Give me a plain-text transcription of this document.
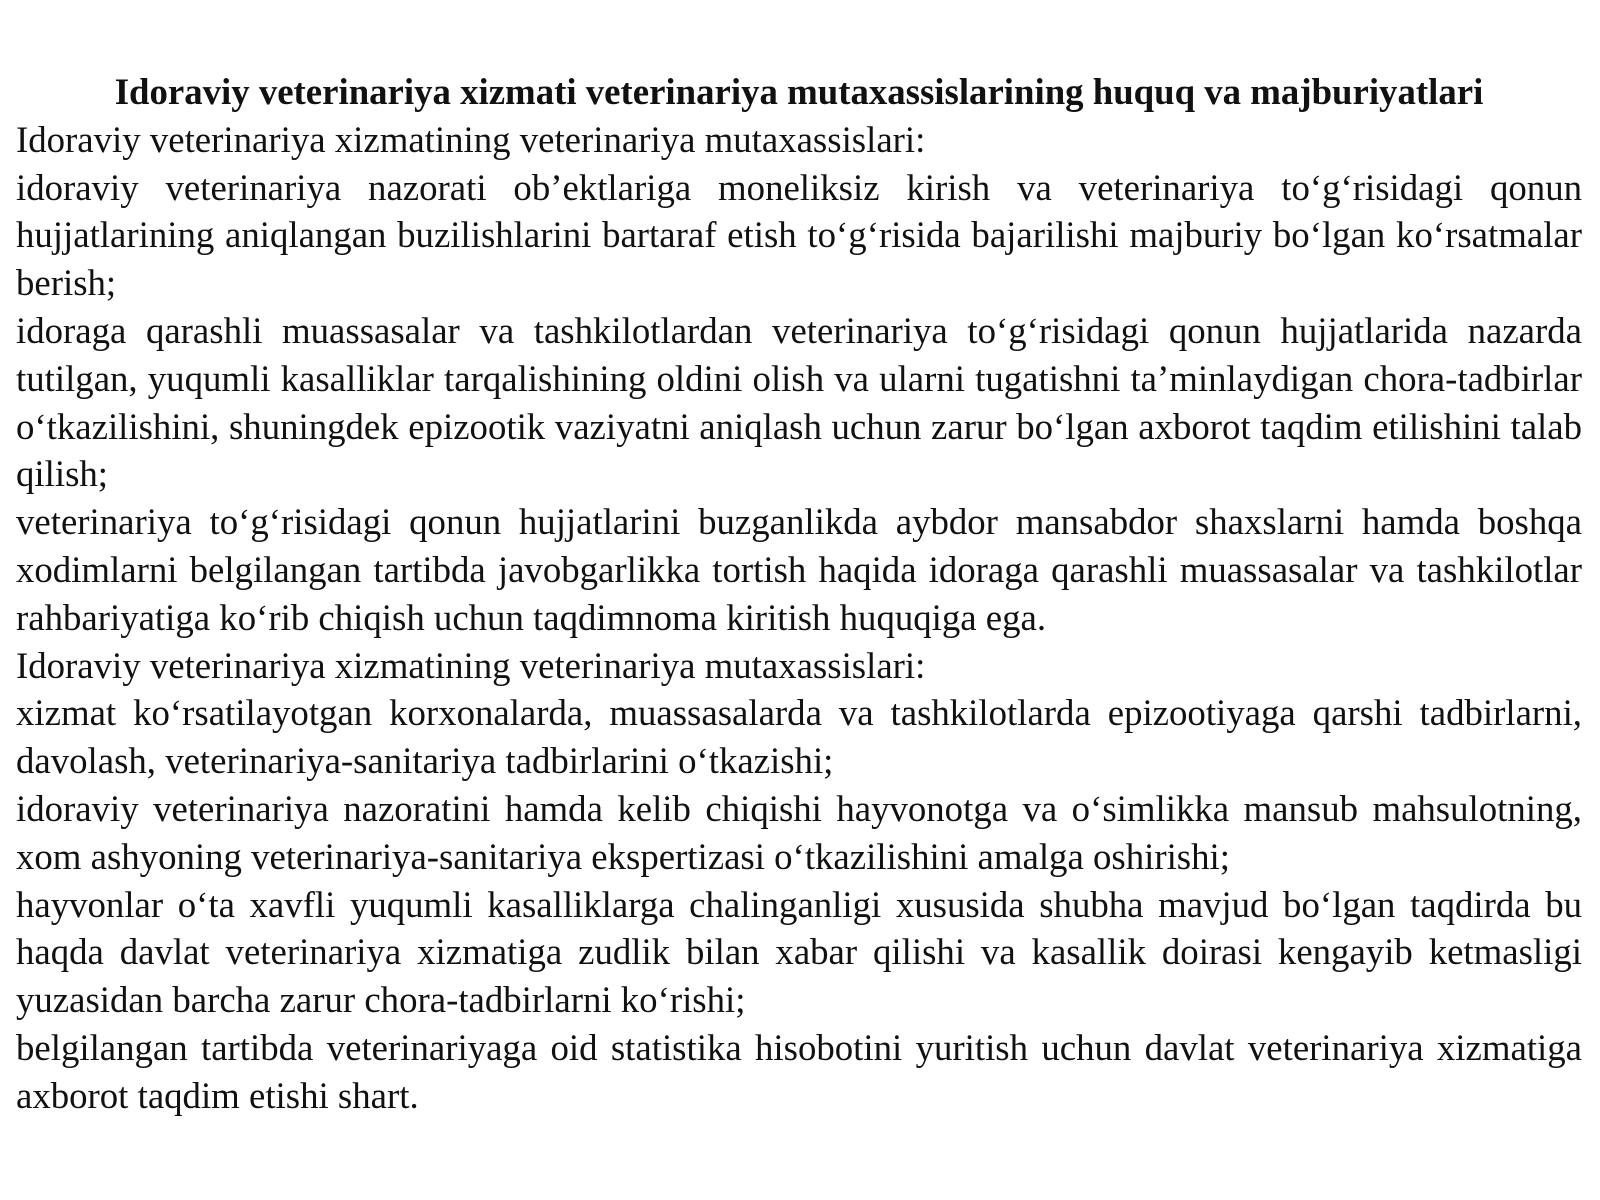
Idoraviy veterinariya xizmati veterinariya mutaxassislarining huquq va majburiyatlari

Idoraviy veterinariya xizmatining veterinariya mutaxassislari:

idoraviy veterinariya nazorati ob’ektlariga moneliksiz kirish va veterinariya to‘g‘risidagi qonun hujjatlarining aniqlangan buzilishlarini bartaraf etish to‘g‘risida bajarilishi majburiy bo‘lgan ko‘rsatmalar berish;

idoraga qarashli muassasalar va tashkilotlardan veterinariya to‘g‘risidagi qonun hujjatlarida nazarda tutilgan, yuqumli kasalliklar tarqalishining oldini olish va ularni tugatishni ta’minlaydigan chora-tadbirlar o‘tkazilishini, shuningdek epizootik vaziyatni aniqlash uchun zarur bo‘lgan axborot taqdim etilishini talab qilish;

veterinariya to‘g‘risidagi qonun hujjatlarini buzganlikda aybdor mansabdor shaxslarni hamda boshqa xodimlarni belgilangan tartibda javobgarlikka tortish haqida idoraga qarashli muassasalar va tashkilotlar rahbariyatiga ko‘rib chiqish uchun taqdimnoma kiritish huquqiga ega.

Idoraviy veterinariya xizmatining veterinariya mutaxassislari:

xizmat ko‘rsatilayotgan korxonalarda, muassasalarda va tashkilotlarda epizootiyaga qarshi tadbirlarni, davolash, veterinariya-sanitariya tadbirlarini o‘tkazishi;

idoraviy veterinariya nazoratini hamda kelib chiqishi hayvonotga va o‘simlikka mansub mahsulotning, xom ashyoning veterinariya-sanitariya ekspertizasi o‘tkazilishini amalga oshirishi;

hayvonlar o‘ta xavfli yuqumli kasalliklarga chalinganligi xususida shubha mavjud bo‘lgan taqdirda bu haqda davlat veterinariya xizmatiga zudlik bilan xabar qilishi va kasallik doirasi kengayib ketmasligi yuzasidan barcha zarur chora-tadbirlarni ko‘rishi;

belgilangan tartibda veterinariyaga oid statistika hisobotini yuritish uchun davlat veterinariya xizmatiga axborot taqdim etishi shart.
